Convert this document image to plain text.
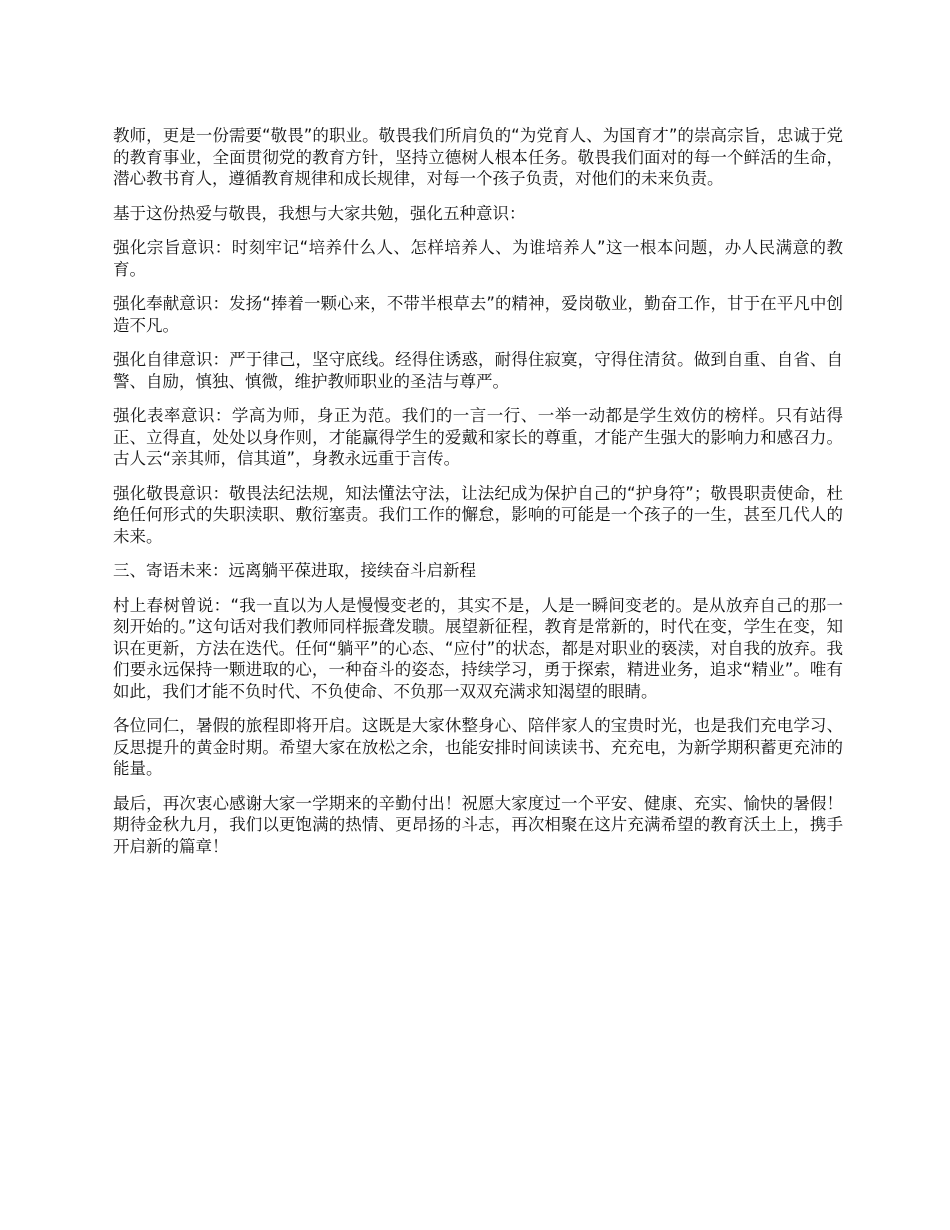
教师，更是一份需要“敬畏”的职业。敬畏我们所肩负的“为党育人、为国育才”的崇高宗旨，忠诚于党的教育事业，全面贯彻党的教育方针，坚持立德树人根本任务。敬畏我们面对的每一个鲜活的生命，潜心教书育人，遵循教育规律和成长规律，对每一个孩子负责，对他们的未来负责。

基于这份热爱与敬畏，我想与大家共勉，强化五种意识：

强化宗旨意识：时刻牢记“培养什么人、怎样培养人、为谁培养人”这一根本问题，办人民满意的教育。

强化奉献意识：发扬“捧着一颗心来，不带半根草去”的精神，爱岗敬业，勤奋工作，甘于在平凡中创造不凡。

强化自律意识：严于律己，坚守底线。经得住诱惑，耐得住寂寞，守得住清贫。做到自重、自省、自警、自励，慎独、慎微，维护教师职业的圣洁与尊严。

强化表率意识：学高为师，身正为范。我们的一言一行、一举一动都是学生效仿的榜样。只有站得正、立得直，处处以身作则，才能赢得学生的爱戴和家长的尊重，才能产生强大的影响力和感召力。古人云“亲其师，信其道”，身教永远重于言传。

强化敬畏意识：敬畏法纪法规，知法懂法守法，让法纪成为保护自己的“护身符”；敬畏职责使命，杜绝任何形式的失职渎职、敷衍塞责。我们工作的懈怠，影响的可能是一个孩子的一生，甚至几代人的未来。

三、寄语未来：远离躺平葆进取，接续奋斗启新程

村上春树曾说：“我一直以为人是慢慢变老的，其实不是，人是一瞬间变老的。是从放弃自己的那一刻开始的。”这句话对我们教师同样振聋发聩。展望新征程，教育是常新的，时代在变，学生在变，知识在更新，方法在迭代。任何“躺平”的心态、“应付”的状态，都是对职业的亵渎，对自我的放弃。我们要永远保持一颗进取的心，一种奋斗的姿态，持续学习，勇于探索，精进业务，追求“精业”。唯有如此，我们才能不负时代、不负使命、不负那一双双充满求知渴望的眼睛。

各位同仁，暑假的旅程即将开启。这既是大家休整身心、陪伴家人的宝贵时光，也是我们充电学习、反思提升的黄金时期。希望大家在放松之余，也能安排时间读读书、充充电，为新学期积蓄更充沛的能量。

最后，再次衷心感谢大家一学期来的辛勤付出！祝愿大家度过一个平安、健康、充实、愉快的暑假！期待金秋九月，我们以更饱满的热情、更昂扬的斗志，再次相聚在这片充满希望的教育沃土上，携手开启新的篇章！
